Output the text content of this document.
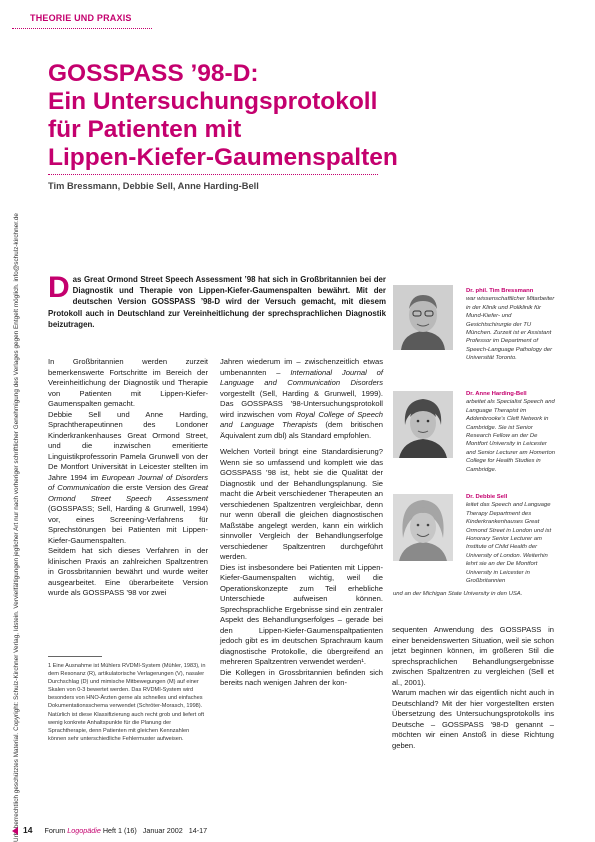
THEORIE UND PRAXIS
Urheberrechtlich geschütztes Material. Copyright: Schulz-Kirchner Verlag, Idstein. Vervielfältigungen jeglicher Art nur nach vorheriger schriftlicher Genehmigung des Verlages gegen Entgelt möglich. info@schulz-kirchner.de
GOSSPASS ’98-D:
Ein Untersuchungsprotokoll
für Patienten mit
Lippen-Kiefer-Gaumenspalten
Tim Bressmann, Debbie Sell, Anne Harding-Bell
Das Great Ormond Street Speech Assessment ’98 hat sich in Großbritannien bei der Diagnostik und Therapie von Lippen-Kiefer-Gaumenspalten bewährt. Mit der deutschen Version GOSSPASS ’98-D wird der Versuch gemacht, mit diesem Protokoll auch in Deutschland zur Vereinheitlichung der sprechsprachlichen Diagnostik beizutragen.

In Großbritannien werden zurzeit bemerkenswerte Fortschritte im Bereich der Vereinheitlichung der Diagnostik und Therapie von Patienten mit Lippen-Kiefer-Gaumenspalten gemacht.

Debbie Sell und Anne Harding, Sprachtherapeutinnen des Londoner Kinderkrankenhauses Great Ormond Street, und die inzwischen emeritierte Linguistikprofessorin Pamela Grunwell von der De Montfort Universität in Leicester stellten im Jahre 1994 im European Journal of Disorders of Communication die erste Version des Great Ormond Street Speech Assessment (GOSSPASS; Sell, Harding & Grunwell, 1994) vor, eines Screening-Verfahrens für Sprechstörungen bei Patienten mit Lippen-Kiefer-Gaumenspalten.

Seitdem hat sich dieses Verfahren in der klinischen Praxis an zahlreichen Spaltzentren in Grossbritannien bewährt und wurde weiter ausgearbeitet. Eine überarbeitete Version wurde als GOSSPASS ’98 vor zwei

1 Eine Ausnahme ist Mühlers RVDMI-System (Mühler, 1983), in dem Resonanz (R), artikulatorische Verlagerungen (V), nasaler Durchschlag (D) und mimische Mitbewegungen (M) auf einer Skalen von 0-3 bewertet werden. Das RVDMI-System wird besonders von HNO-Ärzten gerne als schnelles und einfaches Dokumentationsschema verwendet (Schröter-Morasch, 1998). Natürlich ist diese Klassifizierung auch recht grob und liefert oft wenig konkrete Anhaltspunkte für die Planung der Sprachtherapie, denn Patienten mit gleichen Kennzahlen können sehr unterschiedliche Fehlermuster aufweisen.

Jahren wiederum im – zwischenzeitlich etwas umbenannten – International Journal of Language and Communication Disorders vorgestellt (Sell, Harding & Grunwell, 1999). Das GOSSPASS ’98-Untersuchungsprotokoll wird inzwischen vom Royal College of Speech and Language Therapists (dem britischen Äquivalent zum dbl) als Standard empfohlen.

Welchen Vorteil bringt eine Standardisierung? Wenn sie so umfassend und komplett wie das GOSSPASS ’98 ist, hebt sie die Qualität der Diagnostik und der Behandlungsplanung. Sie macht die Arbeit verschiedener Therapeuten an verschiedenen Spaltzentren vergleichbar, denn nur wenn überall die gleichen diagnostischen Maßstäbe angelegt werden, kann ein wirklich sinnvoller Vergleich der Behandlungserfolge verschiedener Spaltzentren durchgeführt werden.

Dies ist insbesondere bei Patienten mit Lippen-Kiefer-Gaumenspalten wichtig, weil die Operationskonzepte zum Teil erhebliche Unterschiede aufweisen können. Sprechsprachliche Ergebnisse sind ein zentraler Aspekt des Behandlungserfolges – gerade bei den Lippen-Kiefer-Gaumenspaltpatienten jedoch gibt es im deutschen Sprachraum kaum diagnostische Protokolle, die übergreifend an mehreren Spaltzentren verwendet werden¹.

Die Kollegen in Grossbritannien befinden sich bereits nach wenigen Jahren der kon-

Dr. phil. Tim Bressmann
war wissenschaftlicher Mitarbeiter in der Klinik und Poliklinik für Mund-Kiefer- und Gesichtschirurgie der TU München. Zurzeit ist er Assistant Professor im Department of Speech-Language Pathology der Universität Toronto.
Dr. Anne Harding-Bell
arbeitet als Specialist Speech and Language Therapist im Addenbrooke’s Cleft Network in Cambridge. Sie ist Senior Research Fellow an der De Montfort University in Leicester and Senior Lecturer am Homerton College for Health Studies in Cambridge.
Dr. Debbie Sell
leitet das Speech and Language Therapy Department des Kinderkrankenhauses Great Ormond Street in London und ist Honorary Senior Lecturer am Institute of Child Health der University of London. Weiterhin lehrt sie an der De Montfort University in Leicester in Großbritannien
und an der Michigan State University in den USA.

sequenten Anwendung des GOSSPASS in einer beneidenswerten Situation, weil sie schon jetzt beginnen können, im größeren Stil die sprechsprachlichen Behandlungsergebnisse zwischen Spaltzentren zu vergleichen (Sell et al., 2001).

Warum machen wir das eigentlich nicht auch in Deutschland? Mit der hier vorgestellten ersten Übersetzung des Untersuchungsprotokolls ins Deutsche – GOSSPASS ’98-D genannt – möchten wir einen Anstoß in diese Richtung geben.

14 Forum Logopädie Heft 1 (16)   Januar 2002   14-17
